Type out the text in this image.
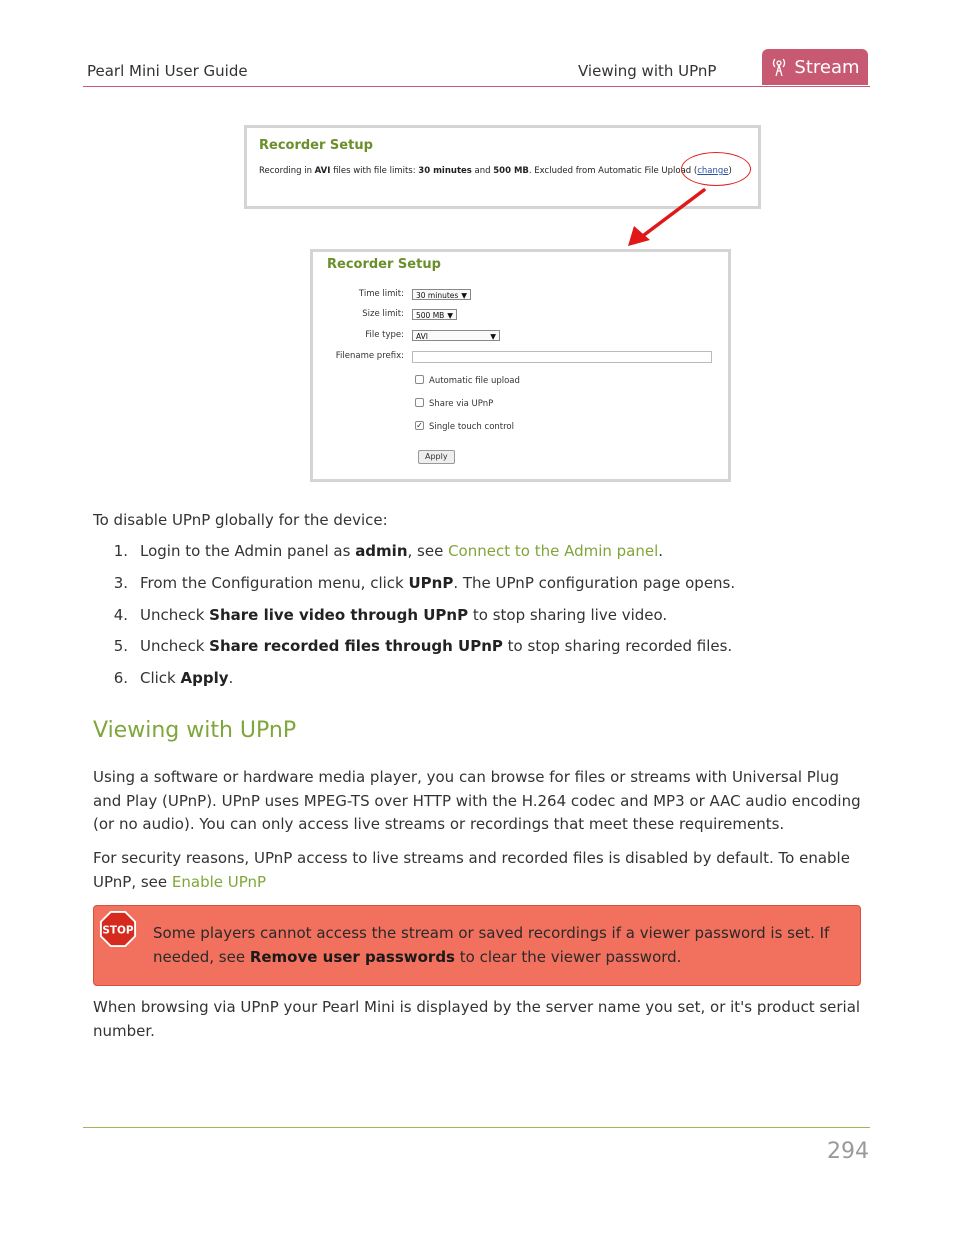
Pearl Mini User Guide	Viewing with UPnP	Stream
Recorder Setup
Recording in AVI files with file limits: 30 minutes and 500 MB. Excluded from Automatic File Upload (change)
Recorder Setup
Time limit: 30 minutes ▼
Size limit: 500 MB ▼
File type: AVI	▼
Filename prefix:
Automatic file upload
Share via UPnP
✓ Single touch control
Apply
To disable UPnP globally for the device:
1. Login to the Admin panel as admin, see Connect to the Admin panel.
3. From the Configuration menu, click UPnP. The UPnP configuration page opens.
4. Uncheck Share live video through UPnP to stop sharing live video.
5. Uncheck Share recorded files through UPnP to stop sharing recorded files.
6. Click Apply.
Viewing with UPnP
Using a software or hardware media player, you can browse for files or streams with Universal Plug and Play (UPnP). UPnP uses MPEG-TS over HTTP with the H.264 codec and MP3 or AAC audio encoding (or no audio). You can only access live streams or recordings that meet these requirements.
For security reasons, UPnP access to live streams and recorded files is disabled by default. To enable UPnP, see Enable UPnP
STOP Some players cannot access the stream or saved recordings if a viewer password is set. If needed, see Remove user passwords to clear the viewer password.
When browsing via UPnP your Pearl Mini is displayed by the server name you set, or it's product serial number.
294
